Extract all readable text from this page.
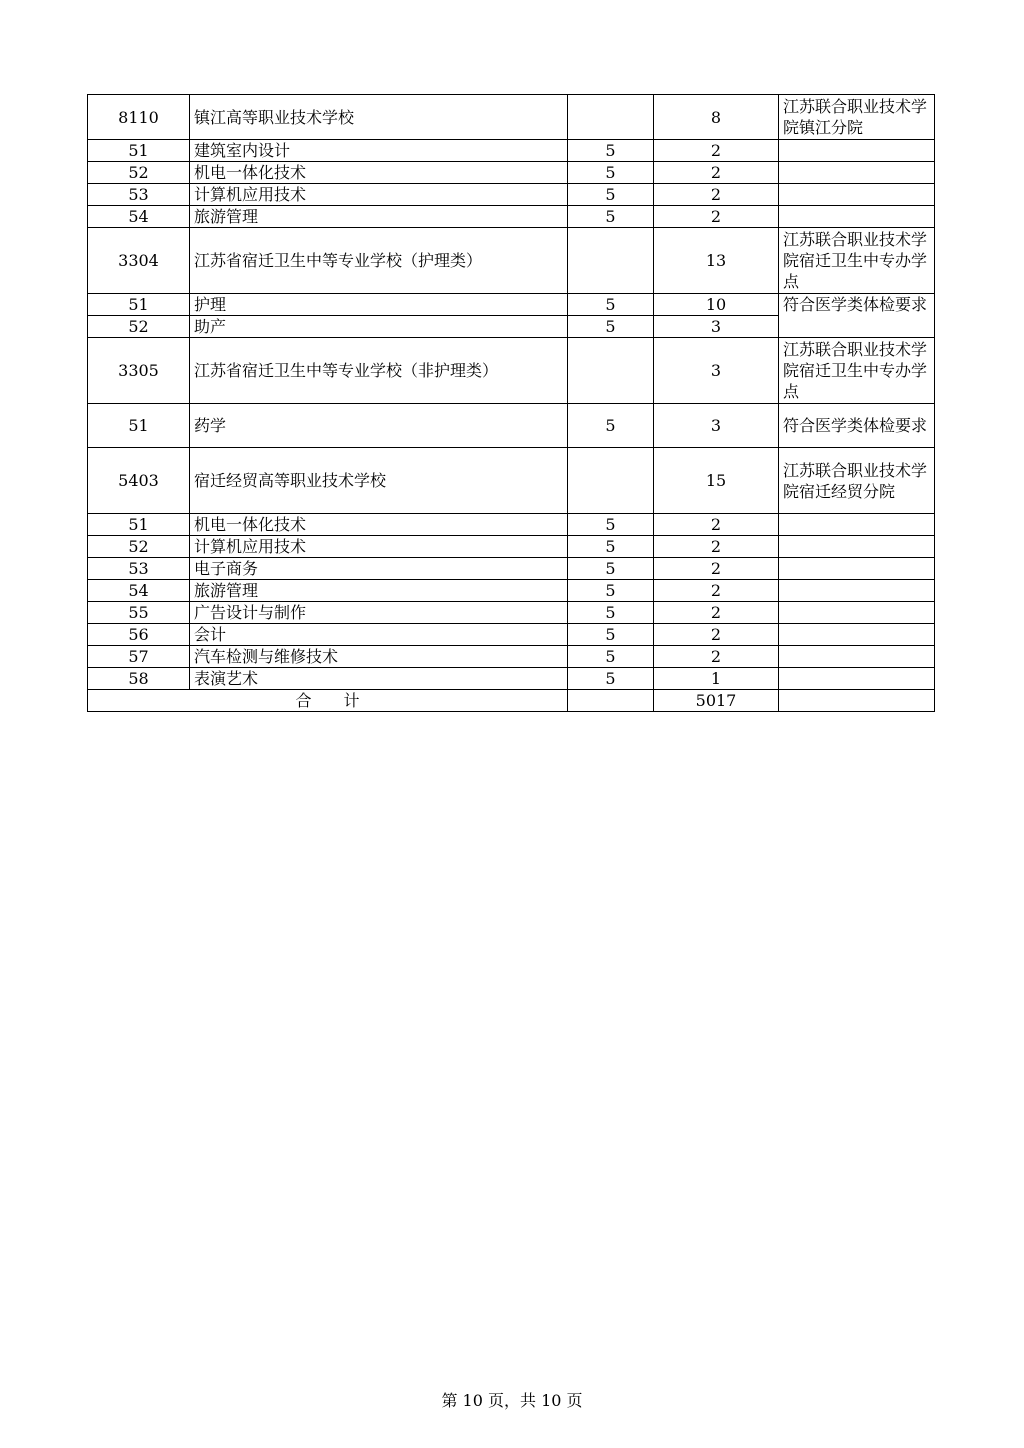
8110	镇江高等职业技术学校		8	江苏联合职业技术学院镇江分院
51	建筑室内设计	5	2	
52	机电一体化技术	5	2	
53	计算机应用技术	5	2	
54	旅游管理	5	2	
3304	江苏省宿迁卫生中等专业学校（护理类）		13	江苏联合职业技术学院宿迁卫生中专办学点
51	护理	5	10	符合医学类体检要求
52	助产	5	3	
3305	江苏省宿迁卫生中等专业学校（非护理类）		3	江苏联合职业技术学院宿迁卫生中专办学点
51	药学	5	3	符合医学类体检要求
5403	宿迁经贸高等职业技术学校		15	江苏联合职业技术学院宿迁经贸分院
51	机电一体化技术	5	2	
52	计算机应用技术	5	2	
53	电子商务	5	2	
54	旅游管理	5	2	
55	广告设计与制作	5	2	
56	会计	5	2	
57	汽车检测与维修技术	5	2	
58	表演艺术	5	1	
合　　计			5017	
第 10 页，共 10 页
